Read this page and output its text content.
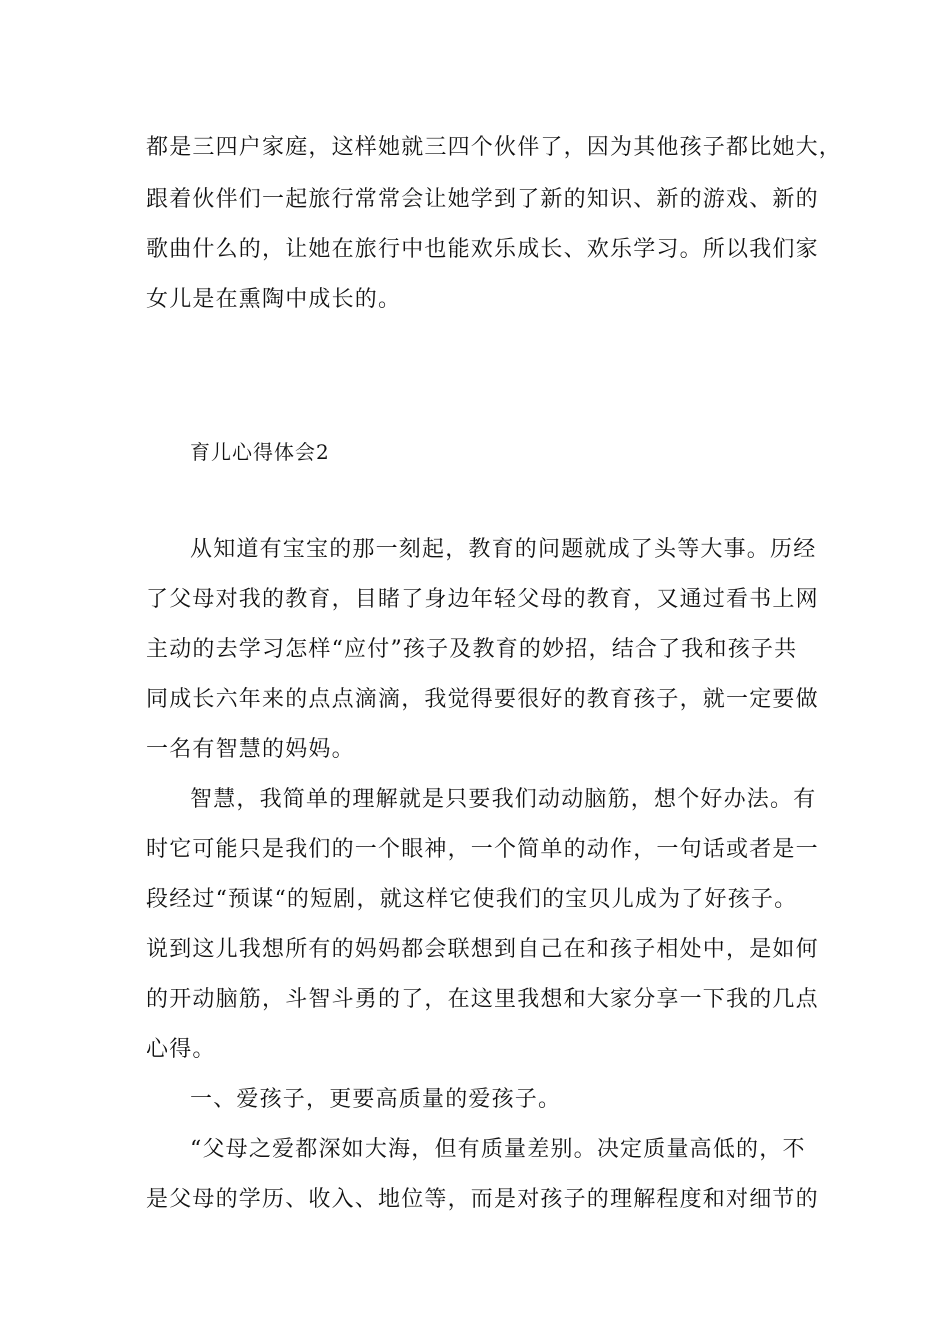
都是三四户家庭，这样她就三四个伙伴了，因为其他孩子都比她大，
跟着伙伴们一起旅行常常会让她学到了新的知识、新的游戏、新的
歌曲什么的，让她在旅行中也能欢乐成长、欢乐学习。所以我们家
女儿是在熏陶中成长的。
育儿心得体会2
从知道有宝宝的那一刻起，教育的问题就成了头等大事。历经
了父母对我的教育，目睹了身边年轻父母的教育，又通过看书上网
主动的去学习怎样“应付”孩子及教育的妙招，结合了我和孩子共
同成长六年来的点点滴滴，我觉得要很好的教育孩子，就一定要做
一名有智慧的妈妈。
智慧，我简单的理解就是只要我们动动脑筋，想个好办法。有
时它可能只是我们的一个眼神，一个简单的动作，一句话或者是一
段经过“预谋“的短剧，就这样它使我们的宝贝儿成为了好孩子。
说到这儿我想所有的妈妈都会联想到自己在和孩子相处中，是如何
的开动脑筋，斗智斗勇的了，在这里我想和大家分享一下我的几点
心得。
一、爱孩子，更要高质量的爱孩子。
“父母之爱都深如大海，但有质量差别。决定质量高低的，不
是父母的学历、收入、地位等，而是对孩子的理解程度和对细节的
